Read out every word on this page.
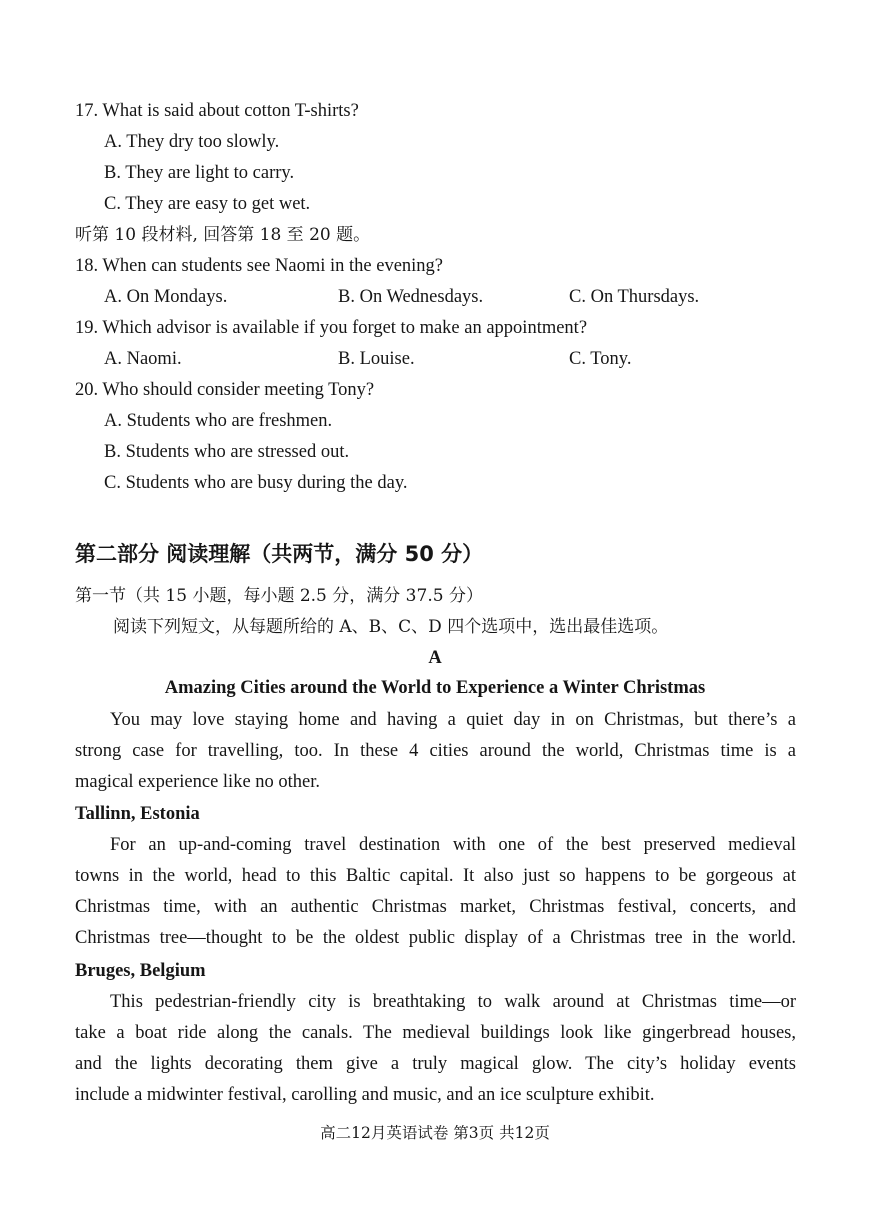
17. What is said about cotton T-shirts?
A. They dry too slowly.
B. They are light to carry.
C. They are easy to get wet.
听第 10 段材料, 回答第 18 至 20 题。
18. When can students see Naomi in the evening?
A. On Mondays.	B. On Wednesdays.	C. On Thursdays.
19. Which advisor is available if you forget to make an appointment?
A. Naomi.	B. Louise.	C. Tony.
20. Who should consider meeting Tony?
A. Students who are freshmen.
B. Students who are stressed out.
C. Students who are busy during the day.
第二部分 阅读理解（共两节，满分 50 分）
第一节（共 15 小题，每小题 2.5 分，满分 37.5 分）
阅读下列短文，从每题所给的 A、B、C、D 四个选项中，选出最佳选项。
A
Amazing Cities around the World to Experience a Winter Christmas
You may love staying home and having a quiet day in on Christmas, but there’s a
strong case for travelling, too. In these 4 cities around the world, Christmas time is a
magical experience like no other.
Tallinn, Estonia
For an up-and-coming travel destination with one of the best preserved medieval
towns in the world, head to this Baltic capital. It also just so happens to be gorgeous at
Christmas time, with an authentic Christmas market, Christmas festival, concerts, and
Christmas tree—thought to be the oldest public display of a Christmas tree in the world.
Bruges, Belgium
This pedestrian-friendly city is breathtaking to walk around at Christmas time—or
take a boat ride along the canals. The medieval buildings look like gingerbread houses,
and the lights decorating them give a truly magical glow. The city’s holiday events
include a midwinter festival, carolling and music, and an ice sculpture exhibit.
高二12月英语试卷 第3页 共12页
